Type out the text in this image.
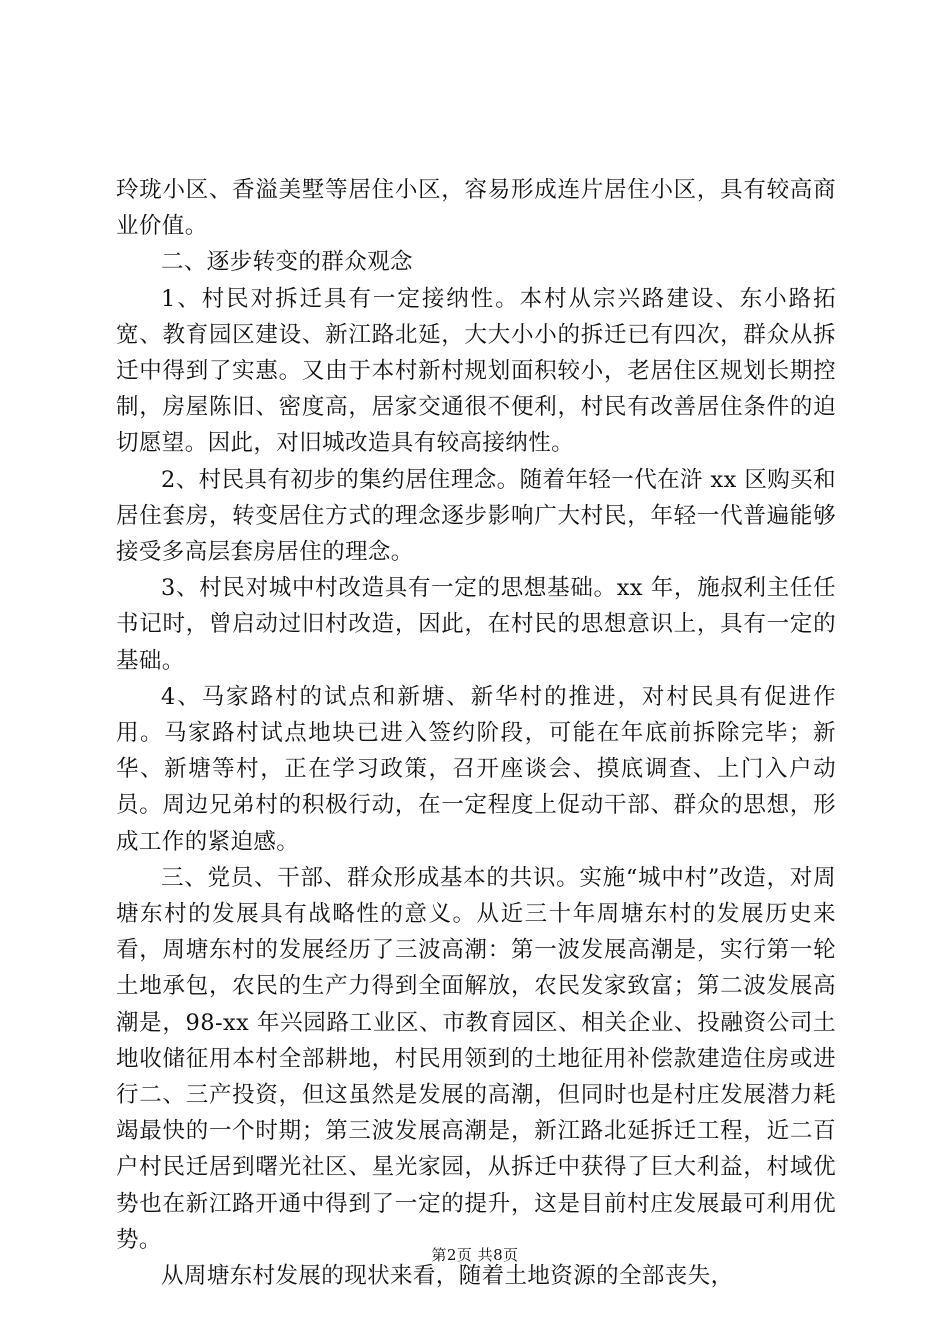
玲珑小区、香溢美墅等居住小区，容易形成连片居住小区，具有较高商业价值。

二、逐步转变的群众观念

1、村民对拆迁具有一定接纳性。本村从宗兴路建设、东小路拓宽、教育园区建设、新江路北延，大大小小的拆迁已有四次，群众从拆迁中得到了实惠。又由于本村新村规划面积较小，老居住区规划长期控制，房屋陈旧、密度高，居家交通很不便利，村民有改善居住条件的迫切愿望。因此，对旧城改造具有较高接纳性。

2、村民具有初步的集约居住理念。随着年轻一代在浒 xx 区购买和居住套房，转变居住方式的理念逐步影响广大村民，年轻一代普遍能够接受多高层套房居住的理念。

3、村民对城中村改造具有一定的思想基础。xx 年，施叔利主任任书记时，曾启动过旧村改造，因此，在村民的思想意识上，具有一定的基础。

4、马家路村的试点和新塘、新华村的推进，对村民具有促进作用。马家路村试点地块已进入签约阶段，可能在年底前拆除完毕；新华、新塘等村，正在学习政策，召开座谈会、摸底调查、上门入户动员。周边兄弟村的积极行动，在一定程度上促动干部、群众的思想，形成工作的紧迫感。

三、党员、干部、群众形成基本的共识。实施“城中村”改造，对周塘东村的发展具有战略性的意义。从近三十年周塘东村的发展历史来看，周塘东村的发展经历了三波高潮：第一波发展高潮是，实行第一轮土地承包，农民的生产力得到全面解放，农民发家致富；第二波发展高潮是，98-xx 年兴园路工业区、市教育园区、相关企业、投融资公司土地收储征用本村全部耕地，村民用领到的土地征用补偿款建造住房或进行二、三产投资，但这虽然是发展的高潮，但同时也是村庄发展潜力耗竭最快的一个时期；第三波发展高潮是，新江路北延拆迁工程，近二百户村民迁居到曙光社区、星光家园，从拆迁中获得了巨大利益，村域优势也在新江路开通中得到了一定的提升，这是目前村庄发展最可利用优势。

从周塘东村发展的现状来看，随着土地资源的全部丧失，

第2页 共8页
